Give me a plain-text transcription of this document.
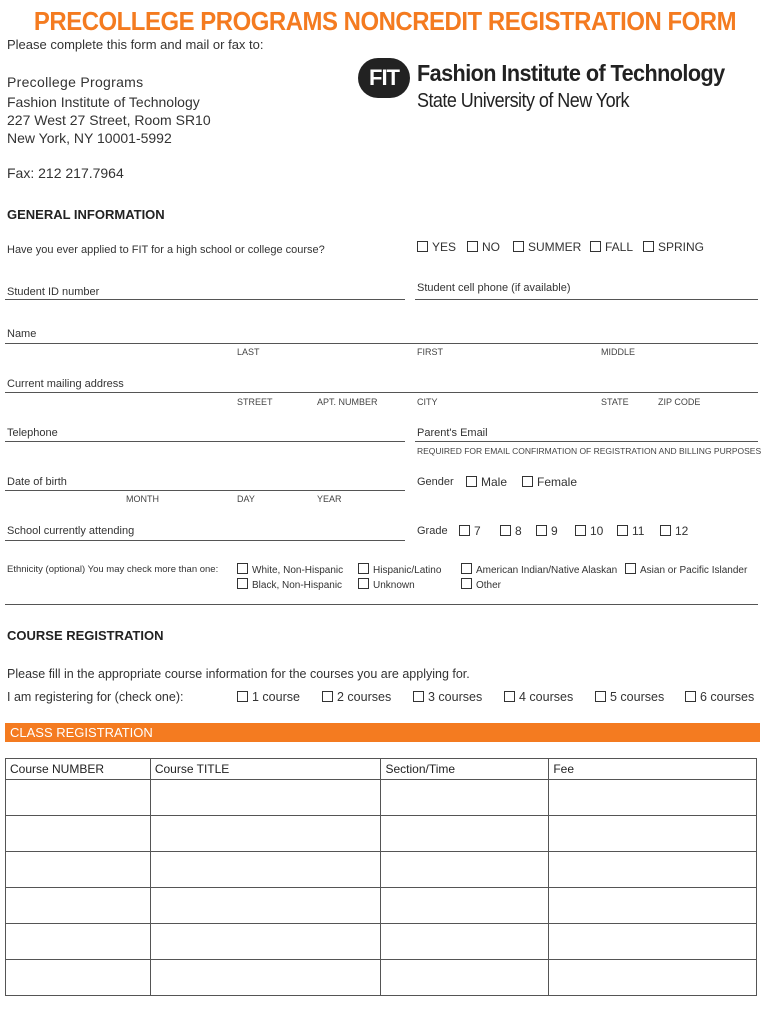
PRECOLLEGE PROGRAMS NONCREDIT REGISTRATION FORM
Please complete this form and mail or fax to:
Precollege Programs
Fashion Institute of Technology
227 West 27 Street, Room SR10
New York, NY 10001-5992
Fax: 212 217.7964
FIT Fashion Institute of Technology
State University of New York
GENERAL INFORMATION
Have you ever applied to FIT for a high school or college course?	YES	NO	SUMMER	FALL	SPRING
Student ID number	Student cell phone (if available)
Name
LAST	FIRST	MIDDLE
Current mailing address
STREET	APT. NUMBER	CITY	STATE	ZIP CODE
Telephone	Parent's Email
REQUIRED FOR EMAIL CONFIRMATION OF REGISTRATION AND BILLING PURPOSES
Date of birth
MONTH	DAY	YEAR
Gender	Male	Female
School currently attending	Grade	7	8	9	10	11	12
Ethnicity (optional) You may check more than one:	White, Non-Hispanic
Black, Non-Hispanic
Hispanic/Latino
Unknown
American Indian/Native Alaskan
Other
Asian or Pacific Islander
COURSE REGISTRATION
Please fill in the appropriate course information for the courses you are applying for.
I am registering for (check one):	1 course	2 courses	3 courses	4 courses	5 courses	6 courses
CLASS REGISTRATION
Course NUMBER	Course TITLE	Section/Time	Fee
